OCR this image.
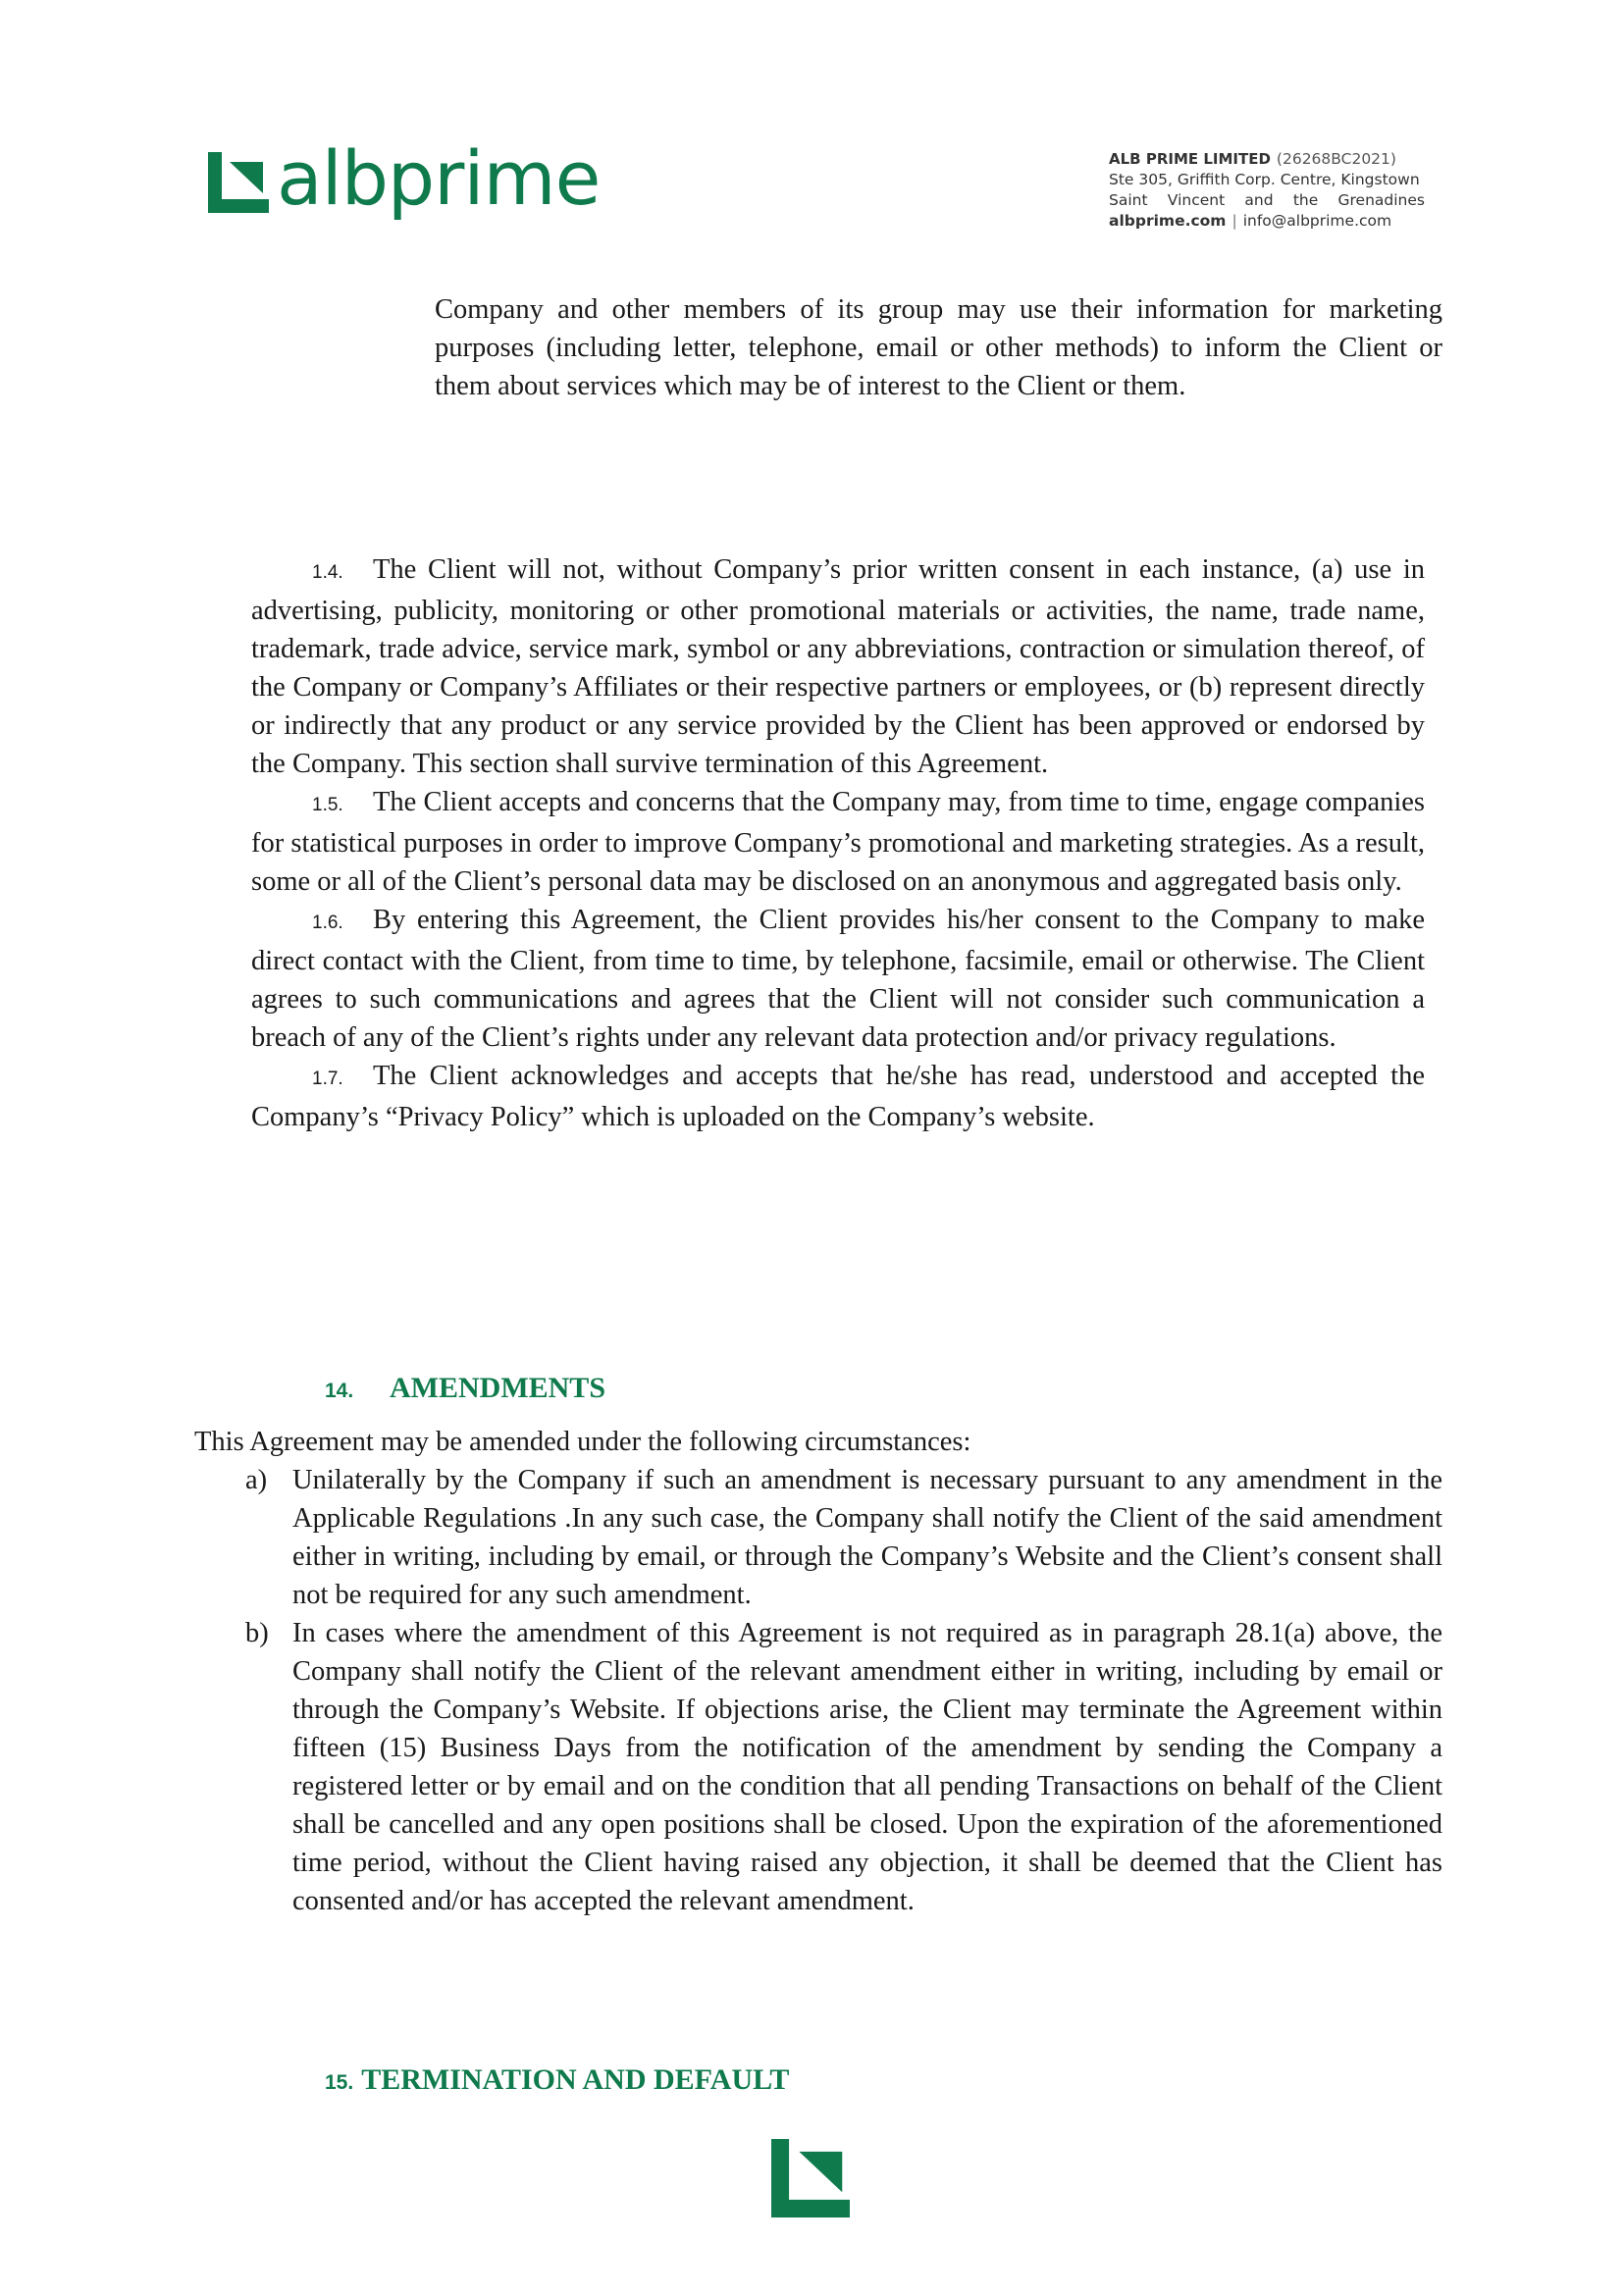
albprime	ALB PRIME LIMITED (26268BC2021)
Ste 305, Griffith Corp. Centre, Kingstown
Saint Vincent and the Grenadines
albprime.com | info@albprime.com

Company and other members of its group may use their information for marketing purposes (including letter, telephone, email or other methods) to inform the Client or them about services which may be of interest to the Client or them.

1.4. The Client will not, without Company’s prior written consent in each instance, (a) use in advertising, publicity, monitoring or other promotional materials or activities, the name, trade name, trademark, trade advice, service mark, symbol or any abbreviations, contraction or simulation thereof, of the Company or Company’s Affiliates or their respective partners or employees, or (b) represent directly or indirectly that any product or any service provided by the Client has been approved or endorsed by the Company. This section shall survive termination of this Agreement.

1.5. The Client accepts and concerns that the Company may, from time to time, engage companies for statistical purposes in order to improve Company’s promotional and marketing strategies. As a result, some or all of the Client’s personal data may be disclosed on an anonymous and aggregated basis only.

1.6. By entering this Agreement, the Client provides his/her consent to the Company to make direct contact with the Client, from time to time, by telephone, facsimile, email or otherwise. The Client agrees to such communications and agrees that the Client will not consider such communication a breach of any of the Client’s rights under any relevant data protection and/or privacy regulations.

1.7. The Client acknowledges and accepts that he/she has read, understood and accepted the Company’s “Privacy Policy” which is uploaded on the Company’s website.

14. AMENDMENTS

This Agreement may be amended under the following circumstances:

a) Unilaterally by the Company if such an amendment is necessary pursuant to any amendment in the Applicable Regulations .In any such case, the Company shall notify the Client of the said amendment either in writing, including by email, or through the Company’s Website and the Client’s consent shall not be required for any such amendment.

b) In cases where the amendment of this Agreement is not required as in paragraph 28.1(a) above, the Company shall notify the Client of the relevant amendment either in writing, including by email or through the Company’s Website. If objections arise, the Client may terminate the Agreement within fifteen (15) Business Days from the notification of the amendment by sending the Company a registered letter or by email and on the condition that all pending Transactions on behalf of the Client shall be cancelled and any open positions shall be closed. Upon the expiration of the aforementioned time period, without the Client having raised any objection, it shall be deemed that the Client has consented and/or has accepted the relevant amendment.

15. TERMINATION AND DEFAULT
